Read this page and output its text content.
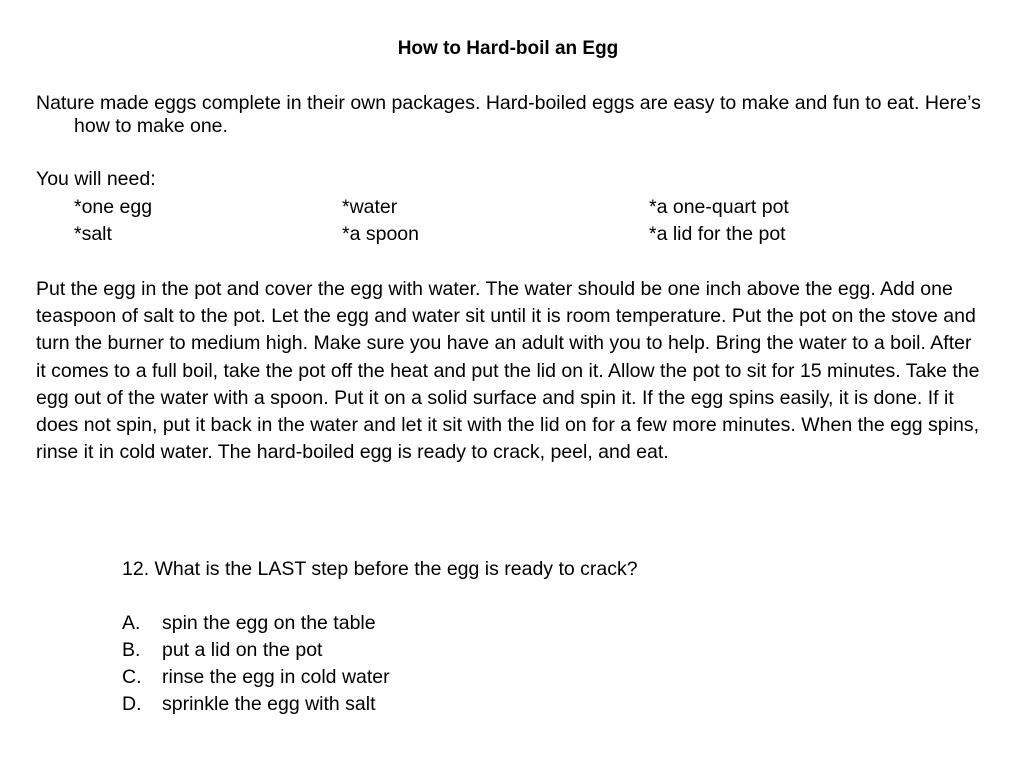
How to Hard-boil an Egg
Nature made eggs complete in their own packages. Hard-boiled eggs are easy to make and fun to eat. Here’s how to make one.
You will need:
*one egg	*water	*a one-quart pot
*salt	*a spoon	*a lid for the pot
Put the egg in the pot and cover the egg with water. The water should be one inch above the egg. Add one teaspoon of salt to the pot. Let the egg and water sit until it is room temperature. Put the pot on the stove and turn the burner to medium high. Make sure you have an adult with you to help. Bring the water to a boil. After it comes to a full boil, take the pot off the heat and put the lid on it. Allow the pot to sit for 15 minutes. Take the egg out of the water with a spoon. Put it on a solid surface and spin it. If the egg spins easily, it is done. If it does not spin, put it back in the water and let it sit with the lid on for a few more minutes. When the egg spins, rinse it in cold water. The hard-boiled egg is ready to crack, peel, and eat.
12. What is the LAST step before the egg is ready to crack?
A. spin the egg on the table
B. put a lid on the pot
C. rinse the egg in cold water
D. sprinkle the egg with salt
